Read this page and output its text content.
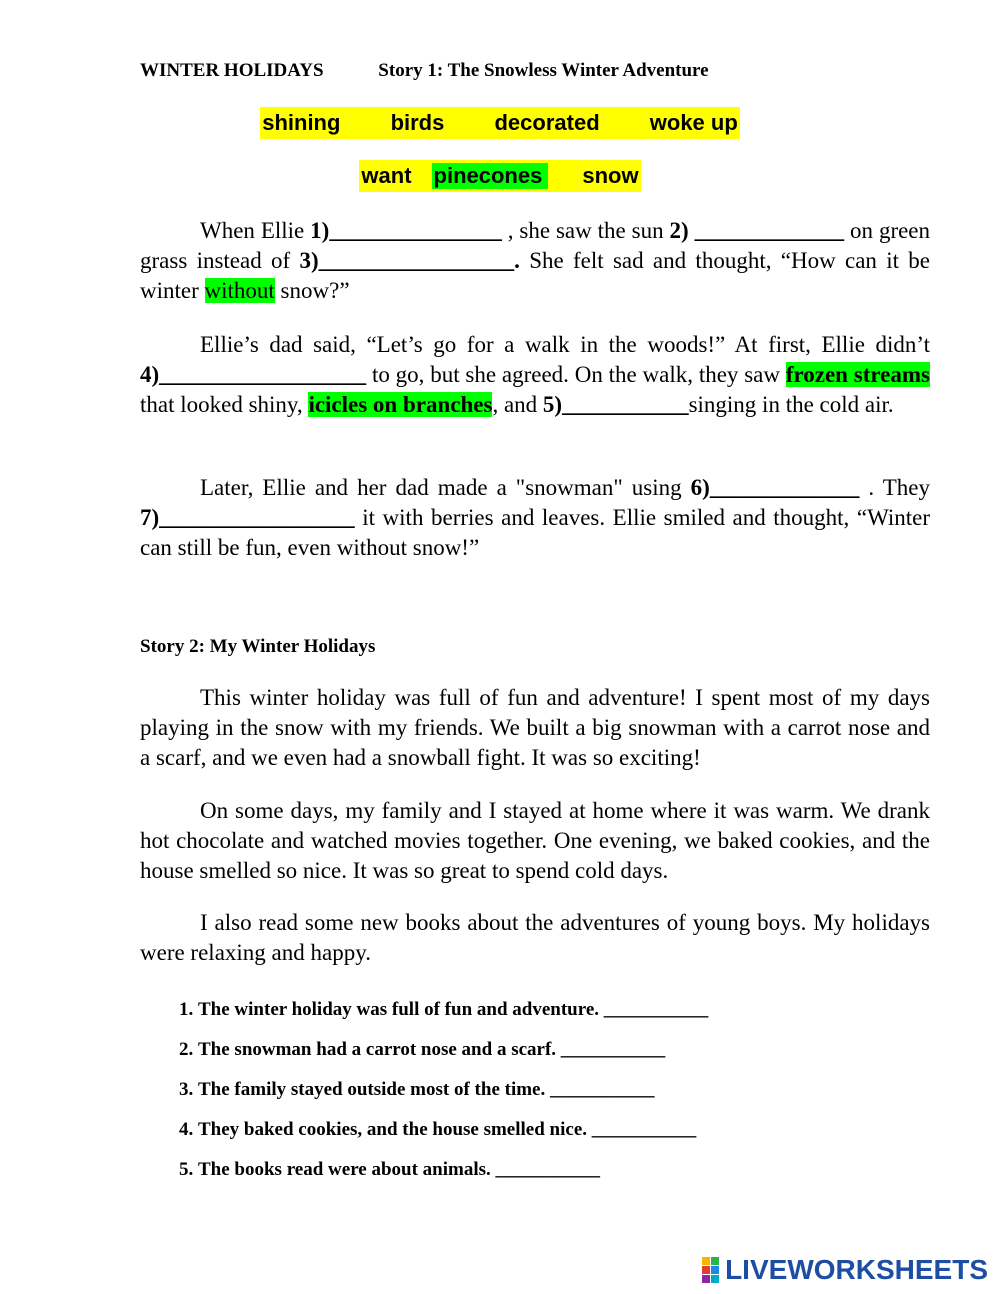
WINTER HOLIDAYS	Story 1: The Snowless Winter Adventure
shining birds decorated woke up
want pinecones snow
When Ellie 1)_______________ , she saw the sun 2) _____________ on green grass instead of 3)_________________. She felt sad and thought, “How can it be winter without snow?”
Ellie’s dad said, “Let’s go for a walk in the woods!” At first, Ellie didn’t 4)__________________ to go, but she agreed. On the walk, they saw frozen streams that looked shiny, icicles on branches, and 5)___________singing in the cold air.
Later, Ellie and her dad made a "snowman" using 6)_____________ . They 7)_________________ it with berries and leaves. Ellie smiled and thought, “Winter can still be fun, even without snow!”
Story 2: My Winter Holidays
This winter holiday was full of fun and adventure! I spent most of my days playing in the snow with my friends. We built a big snowman with a carrot nose and a scarf, and we even had a snowball fight. It was so exciting!
On some days, my family and I stayed at home where it was warm. We drank hot chocolate and watched movies together. One evening, we baked cookies, and the house smelled so nice. It was so great to spend cold days.
I also read some new books about the adventures of young boys. My holidays were relaxing and happy.
1. The winter holiday was full of fun and adventure. ___________
2. The snowman had a carrot nose and a scarf. ___________
3. The family stayed outside most of the time. ___________
4. They baked cookies, and the house smelled nice. ___________
5. The books read were about animals. ___________
LIVEWORKSHEETS
